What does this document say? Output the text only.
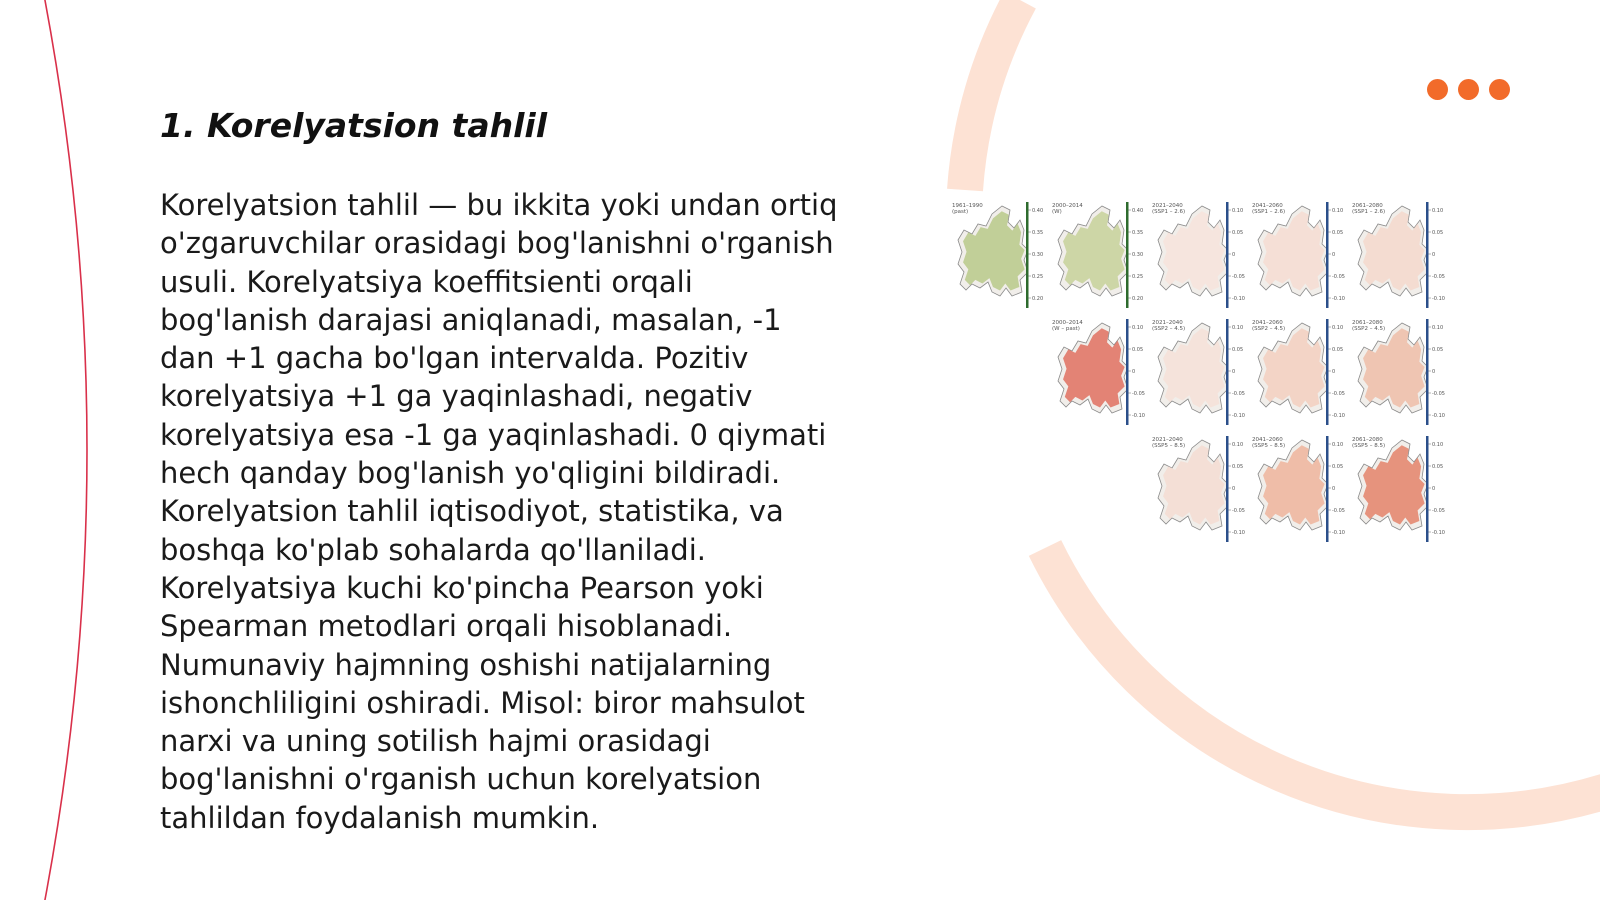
1. Korelyatsion tahlil

Korelyatsion tahlil — bu ikkita yoki undan ortiq o'zgaruvchilar orasidagi bog'lanishni o'rganish usuli. Korelyatsiya koeffitsienti orqali bog'lanish darajasi aniqlanadi, masalan, -1 dan +1 gacha bo'lgan intervalda. Pozitiv korelyatsiya +1 ga yaqinlashadi, negativ korelyatsiya esa -1 ga yaqinlashadi. 0 qiymati hech qanday bog'lanish yo'qligini bildiradi. Korelyatsion tahlil iqtisodiyot, statistika, va boshqa ko'plab sohalarda qo'llaniladi. Korelyatsiya kuchi ko'pincha Pearson yoki Spearman metodlari orqali hisoblanadi. Numunaviy hajmning oshishi natijalarning ishonchliligini oshiradi. Misol: biror mahsulot narxi va uning sotilish hajmi orasidagi bog'lanishni o'rganish uchun korelyatsion tahlildan foydalanish mumkin.

1961–1990
(past)	0.40
0.35
0.30
0.25
0.20
2000–2014
(W)	0.40
0.35
0.30
0.25
0.20
2021–2040
(SSP1 – 2.6)	0.10
0.05
0
-0.05
-0.10
2041–2060
(SSP1 – 2.6)	0.10
0.05
0
-0.05
-0.10
2061–2080
(SSP1 – 2.6)	0.10
0.05
0
-0.05
-0.10
2000–2014
(W – past)	0.10
0.05
0
-0.05
-0.10
2021–2040
(SSP2 – 4.5)	0.10
0.05
0
-0.05
-0.10
2041–2060
(SSP2 – 4.5)	0.10
0.05
0
-0.05
-0.10
2061–2080
(SSP2 – 4.5)	0.10
0.05
0
-0.05
-0.10
2021–2040
(SSP5 – 8.5)	0.10
0.05
0
-0.05
-0.10
2041–2060
(SSP5 – 8.5)	0.10
0.05
0
-0.05
-0.10
2061–2080
(SSP5 – 8.5)	0.10
0.05
0
-0.05
-0.10
